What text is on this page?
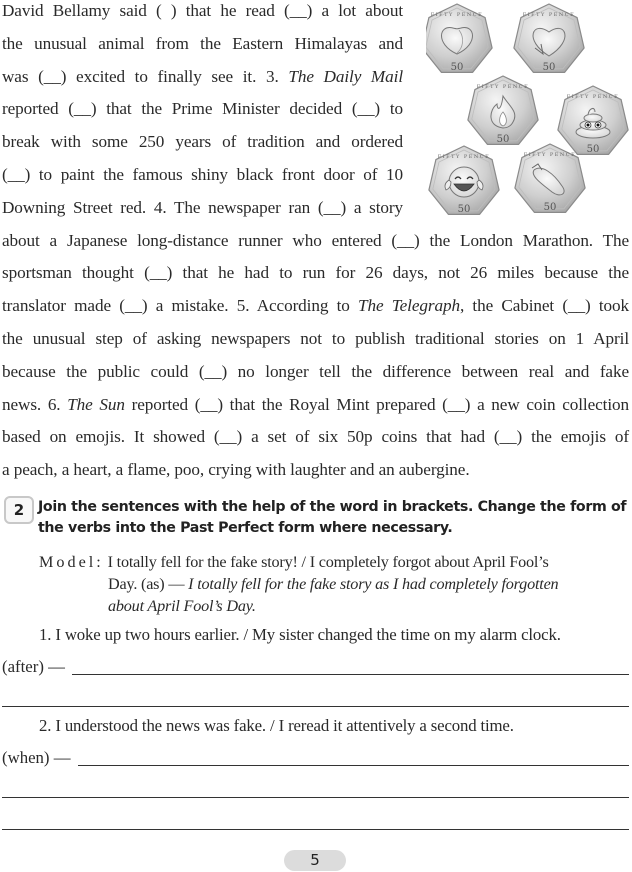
David Bellamy said ( ) that he read (__) a lot about
the unusual animal from the Eastern Himalayas and
was (__) excited to finally see it. 3. The Daily Mail
reported (__) that the Prime Minister decided (__) to
break with some 250 years of tradition and ordered
(__) to paint the famous shiny black front door of 10
Downing Street red. 4. The newspaper ran (__) a story
about a Japanese long-distance runner who entered (__) the London Marathon. The
sportsman thought (__) that he had to run for 26 days, not 26 miles because the
translator made (__) a mistake. 5. According to The Telegraph, the Cabinet (__) took
the unusual step of asking newspapers not to publish traditional stories on 1 April
because the public could (__) no longer tell the difference between real and fake
news. 6. The Sun reported (__) that the Royal Mint prepared (__) a new coin collection
based on emojis. It showed (__) a set of six 50p coins that had (__) the emojis of
a peach, a heart, a flame, poo, crying with laughter and an aubergine.
50
FIFTY PENCE
50
FIFTY PENCE
50
FIFTY PENCE
50
FIFTY PENCE
50
FIFTY PENCE
50
FIFTY PENCE
2 Join the sentences with the help of the word in brackets. Change the form of the verbs into the Past Perfect form where necessary.
Model: I totally fell for the fake story! / I completely forgot about April Fool’s
Day. (as) — I totally fell for the fake story as I had completely forgotten
about April Fool’s Day.
1. I woke up two hours earlier. / My sister changed the time on my alarm clock.
(after) —
2. I understood the news was fake. / I reread it attentively a second time.
(when) —
5
